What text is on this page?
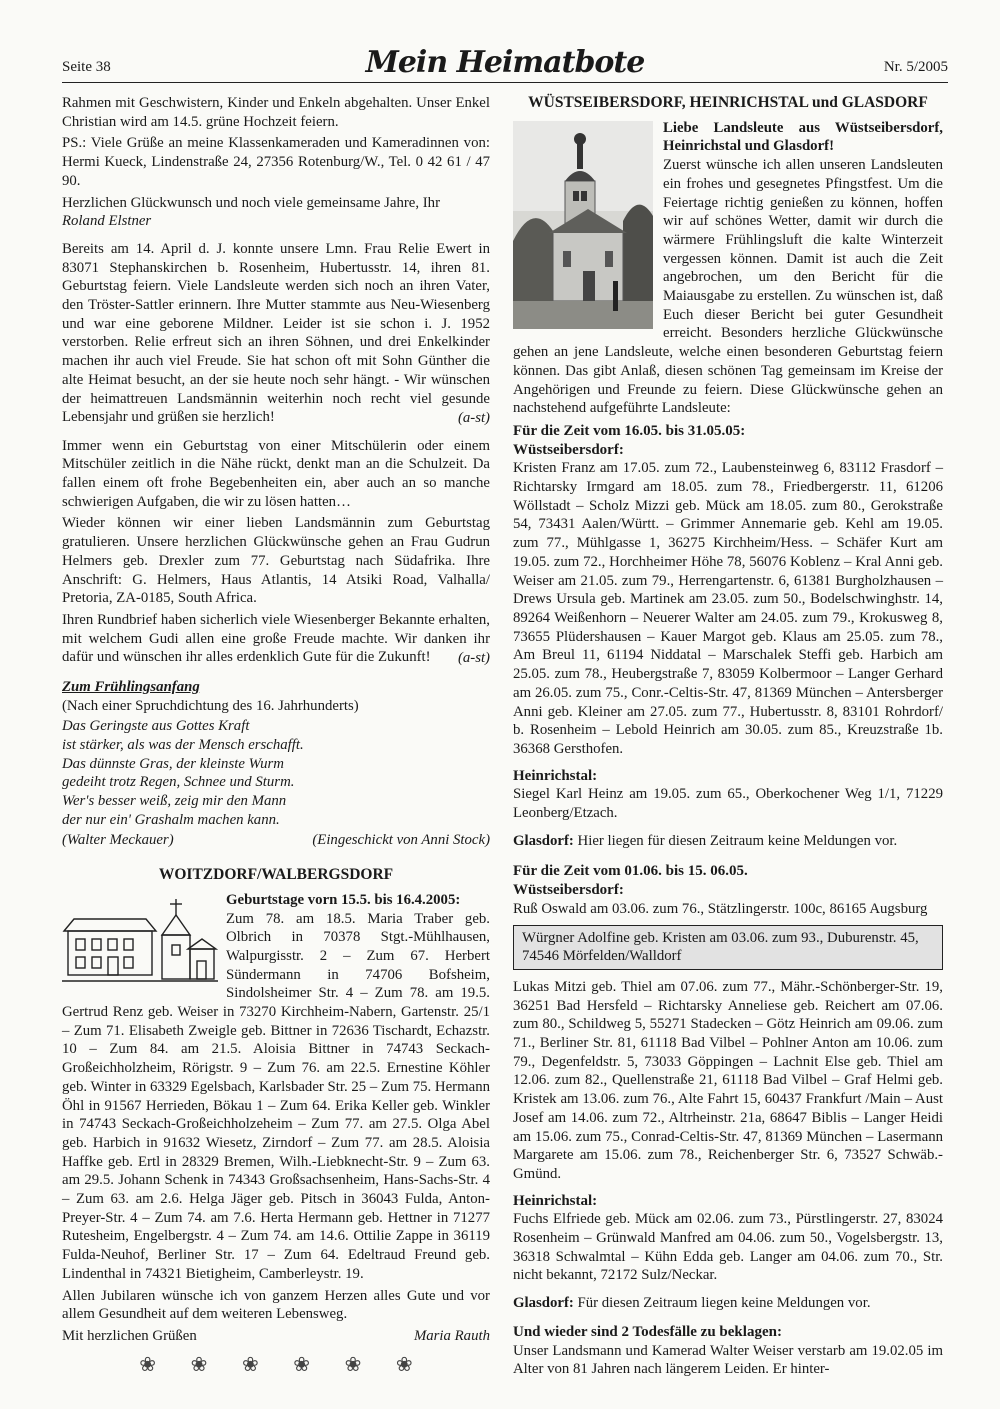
Seite 38	Mein Heimatbote	Nr. 5/2005

Rahmen mit Geschwistern, Kinder und Enkeln abgehalten. Unser Enkel Christian wird am 14.5. grüne Hochzeit feiern.

PS.: Viele Grüße an meine Klassenkameraden und Kameradinnen von: Hermi Kueck, Lindenstraße 24, 27356 Rotenburg/W., Tel. 0 42 61 / 47 90.

Herzlichen Glückwunsch und noch viele gemeinsame Jahre, Ihr

Roland Elstner

Bereits am 14. April d. J. konnte unsere Lmn. Frau Relie Ewert in 83071 Stephanskirchen b. Rosenheim, Hubertusstr. 14, ihren 81. Geburtstag feiern. Viele Landsleute werden sich noch an ihren Vater, den Tröster-Sattler erinnern. Ihre Mutter stammte aus Neu-Wiesenberg und war eine geborene Mildner. Leider ist sie schon i. J. 1952 verstorben. Relie erfreut sich an ihren Söhnen, und drei Enkelkinder machen ihr auch viel Freude. Sie hat schon oft mit Sohn Günther die alte Heimat besucht, an der sie heute noch sehr hängt. - Wir wünschen der heimattreuen Landsmännin weiterhin noch recht viel gesunde Lebensjahr und grüßen sie herzlich!	(a-st)

Immer wenn ein Geburtstag von einer Mitschülerin oder einem Mitschüler zeitlich in die Nähe rückt, denkt man an die Schulzeit. Da fallen einem oft frohe Begebenheiten ein, aber auch an so manche schwierigen Aufgaben, die wir zu lösen hatten…

Wieder können wir einer lieben Landsmännin zum Geburtstag gratulieren. Unsere herzlichen Glückwünsche gehen an Frau Gudrun Helmers geb. Drexler zum 77. Geburtstag nach Südafrika. Ihre Anschrift: G. Helmers, Haus Atlantis, 14 Atsiki Road, Valhalla/ Pretoria, ZA-0185, South Africa.

Ihren Rundbrief haben sicherlich viele Wiesenberger Bekannte erhalten, mit welchem Gudi allen eine große Freude machte. Wir danken ihr dafür und wünschen ihr alles erdenklich Gute für die Zukunft!	(a-st)

Zum Frühlingsanfang
(Nach einer Spruchdichtung des 16. Jahrhunderts)
Das Geringste aus Gottes Kraft
ist stärker, als was der Mensch erschafft.
Das dünnste Gras, der kleinste Wurm
gedeiht trotz Regen, Schnee und Sturm.
Wer's besser weiß, zeig mir den Mann
der nur ein' Grashalm machen kann.
(Walter Meckauer)	(Eingeschickt von Anni Stock)
WOITZDORF/WALBERGSDORF

Geburtstage vorn 15.5. bis 16.4.2005:
Zum 78. am 18.5. Maria Traber geb. Olbrich in 70378 Stgt.-Mühlhausen, Walpurgisstr. 2 – Zum 67. Herbert Sündermann in 74706 Bofsheim, Sindolsheimer Str. 4 – Zum 78. am 19.5. Gertrud Renz geb. Weiser in 73270 Kirchheim-Nabern, Gartenstr. 25/1 – Zum 71. Elisabeth Zweigle geb. Bittner in 72636 Tischardt, Echazstr. 10 – Zum 84. am 21.5. Aloisia Bittner in 74743 Seckach-Großeichholzheim, Rörigstr. 9 – Zum 76. am 22.5. Ernestine Köhler geb. Winter in 63329 Egelsbach, Karlsbader Str. 25 – Zum 75. Hermann Öhl in 91567 Herrieden, Bökau 1 – Zum 64. Erika Keller geb. Winkler in 74743 Seckach-Großeichholzeheim – Zum 77. am 27.5. Olga Abel geb. Harbich in 91632 Wiesetz, Zirndorf – Zum 77. am 28.5. Aloisia Haffke geb. Ertl in 28329 Bremen, Wilh.-Liebknecht-Str. 9 – Zum 63. am 29.5. Johann Schenk in 74343 Großsachsenheim, Hans-Sachs-Str. 4 – Zum 63. am 2.6. Helga Jäger geb. Pitsch in 36043 Fulda, Anton-Preyer-Str. 4 – Zum 74. am 7.6. Herta Hermann geb. Hettner in 71277 Rutesheim, Engelbergstr. 4 – Zum 74. am 14.6. Ottilie Zappe in 36119 Fulda-Neuhof, Berliner Str. 17 – Zum 64. Edeltraud Freund geb. Lindenthal in 74321 Bietigheim, Camberleystr. 19.

Allen Jubilaren wünsche ich von ganzem Herzen alles Gute und vor allem Gesundheit auf dem weiteren Lebensweg.

Mit herzlichen Grüßen	Maria Rauth
❀ ❀ ❀ ❀ ❀ ❀
WÜSTSEIBERSDORF, HEINRICHSTAL und GLASDORF

Liebe Landsleute aus Wüstseibersdorf, Heinrichstal und Glasdorf!
Zuerst wünsche ich allen unseren Landsleuten ein frohes und gesegnetes Pfingstfest. Um die Feiertage richtig genießen zu können, hoffen wir auf schönes Wetter, damit wir durch die wärmere Frühlingsluft die kalte Winterzeit vergessen können. Damit ist auch die Zeit angebrochen, um den Bericht für die Maiausgabe zu erstellen. Zu wünschen ist, daß Euch dieser Bericht bei guter Gesundheit erreicht. Besonders herzliche Glückwünsche gehen an jene Landsleute, welche einen besonderen Geburtstag feiern können. Das gibt Anlaß, diesen schönen Tag gemeinsam im Kreise der Angehörigen und Freunde zu feiern. Diese Glückwünsche gehen an nachstehend aufgeführte Landsleute:

Für die Zeit vom 16.05. bis 31.05.05:
Wüstseibersdorf:

Kristen Franz am 17.05. zum 72., Laubensteinweg 6, 83112 Frasdorf – Richtarsky Irmgard am 18.05. zum 78., Friedbergerstr. 11, 61206 Wöllstadt – Scholz Mizzi geb. Mück am 18.05. zum 80., Gerokstraße 54, 73431 Aalen/Württ. – Grimmer Annemarie geb. Kehl am 19.05. zum 77., Mühlgasse 1, 36275 Kirchheim/Hess. – Schäfer Kurt am 19.05. zum 72., Horchheimer Höhe 78, 56076 Koblenz – Kral Anni geb. Weiser am 21.05. zum 79., Herrengartenstr. 6, 61381 Burgholzhausen – Drews Ursula geb. Martinek am 23.05. zum 50., Bodelschwinghstr. 14, 89264 Weißenhorn – Neuerer Walter am 24.05. zum 79., Krokusweg 8, 73655 Plüdershausen – Kauer Margot geb. Klaus am 25.05. zum 78., Am Breul 11, 61194 Niddatal – Marschalek Steffi geb. Harbich am 25.05. zum 78., Heubergstraße 7, 83059 Kolbermoor – Langer Gerhard am 26.05. zum 75., Conr.-Celtis-Str. 47, 81369 München – Antersberger Anni geb. Kleiner am 27.05. zum 77., Hubertusstr. 8, 83101 Rohrdorf/ b. Rosenheim – Lebold Heinrich am 30.05. zum 85., Kreuzstraße 1b. 36368 Gersthofen.

Heinrichstal:

Siegel Karl Heinz am 19.05. zum 65., Oberkochener Weg 1/1, 71229 Leonberg/Etzach.

Glasdorf: Hier liegen für diesen Zeitraum keine Meldungen vor.

Für die Zeit vom 01.06. bis 15. 06.05.
Wüstseibersdorf:

Ruß Oswald am 03.06. zum 76., Stätzlingerstr. 100c, 86165 Augsburg

Würgner Adolfine geb. Kristen am 03.06. zum 93., Duburenstr. 45, 74546 Mörfelden/Walldorf

Lukas Mitzi geb. Thiel am 07.06. zum 77., Mähr.-Schönberger-Str. 19, 36251 Bad Hersfeld – Richtarsky Anneliese geb. Reichert am 07.06. zum 80., Schildweg 5, 55271 Stadecken – Götz Heinrich am 09.06. zum 71., Berliner Str. 81, 61118 Bad Vilbel – Pohlner Anton am 10.06. zum 79., Degenfeldstr. 5, 73033 Göppingen – Lachnit Else geb. Thiel am 12.06. zum 82., Quellenstraße 21, 61118 Bad Vilbel – Graf Helmi geb. Kristek am 13.06. zum 76., Alte Fahrt 15, 60437 Frankfurt /Main – Aust Josef am 14.06. zum 72., Altrheinstr. 21a, 68647 Biblis – Langer Heidi am 15.06. zum 75., Conrad-Celtis-Str. 47, 81369 München – Lasermann Margarete am 15.06. zum 78., Reichenberger Str. 6, 73527 Schwäb.-Gmünd.

Heinrichstal:

Fuchs Elfriede geb. Mück am 02.06. zum 73., Pürstlingerstr. 27, 83024 Rosenheim – Grünwald Manfred am 04.06. zum 50., Vogelsbergstr. 13, 36318 Schwalmtal – Kühn Edda geb. Langer am 04.06. zum 70., Str. nicht bekannt, 72172 Sulz/Neckar.

Glasdorf: Für diesen Zeitraum liegen keine Meldungen vor.

Und wieder sind 2 Todesfälle zu beklagen:

Unser Landsmann und Kamerad Walter Weiser verstarb am 19.02.05 im Alter von 81 Jahren nach längerem Leiden. Er hinter-
